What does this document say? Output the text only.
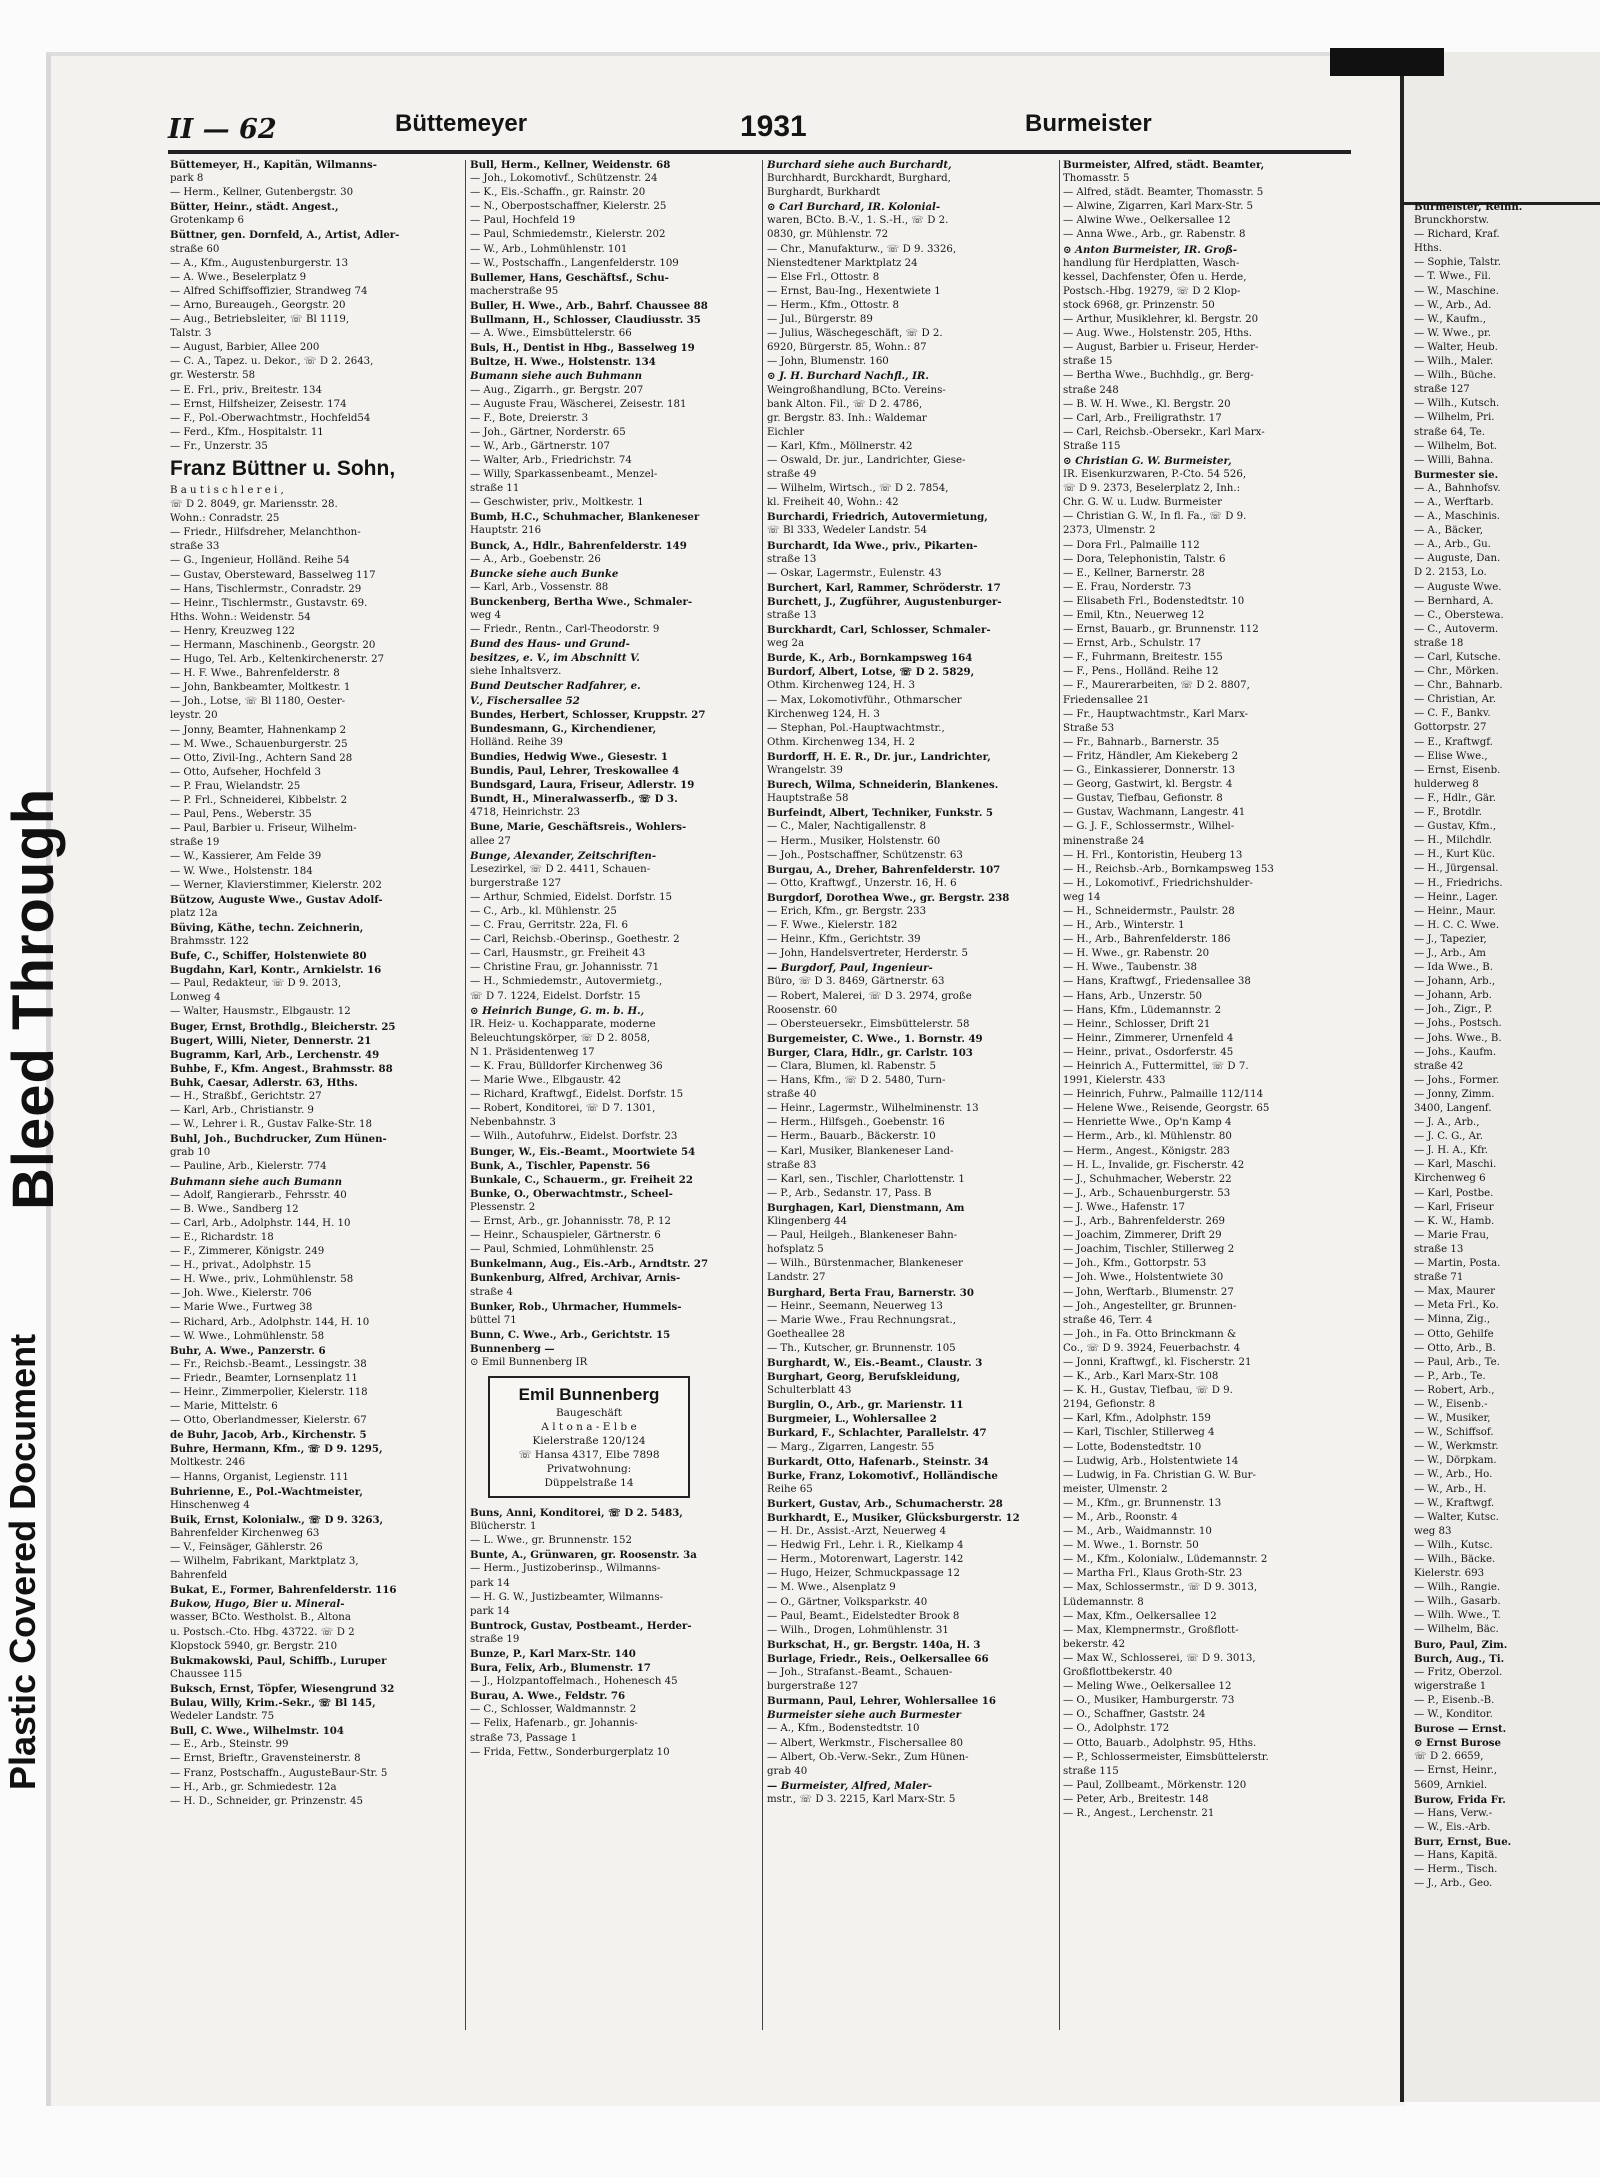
Burmeister, Reinh.
Brunckhorstw.
— Richard, Kraf.
Hths.
— Sophie, Talstr.
— T. Wwe., Fil.
— W., Maschine.
— W., Arb., Ad.
— W., Kaufm.,
— W. Wwe., pr.
— Walter, Heub.
— Wilh., Maler.
— Wilh., Büche.
straße 127
— Wilh., Kutsch.
— Wilhelm, Pri.
straße 64, Te.
— Wilhelm, Bot.
— Willi, Bahna.
Burmester sie.
— A., Bahnhofsv.
— A., Werftarb.
— A., Maschinis.
— A., Bäcker,
— A., Arb., Gu.
— Auguste, Dan.
D 2. 2153, Lo.
— Auguste Wwe.
— Bernhard, A.
— C., Oberstewa.
— C., Autoverm.
straße 18
— Carl, Kutsche.
— Chr., Mörken.
— Chr., Bahnarb.
— Christian, Ar.
— C. F., Bankv.
Gottorpstr. 27
— E., Kraftwgf.
— Elise Wwe.,
— Ernst, Eisenb.
hulderweg 8
— F., Hdlr., Gär.
— F., Brotdlr.
— Gustav, Kfm.,
— H., Milchdlr.
— H., Kurt Küc.
— H., Jürgensal.
— H., Friedrichs.
— Heinr., Lager.
— Heinr., Maur.
— H. C. C. Wwe.
— J., Tapezier,
— J., Arb., Am
— Ida Wwe., B.
— Johann, Arb.,
— Johann, Arb.
— Joh., Zigr., P.
— Johs., Postsch.
— Johs. Wwe., B.
— Johs., Kaufm.
straße 42
— Johs., Former.
— Jonny, Zimm.
3400, Langenf.
— J. A., Arb.,
— J. C. G., Ar.
— J. H. A., Kfr.
— Karl, Maschi.
Kirchenweg 6
— Karl, Postbe.
— Karl, Friseur
— K. W., Hamb.
— Marie Frau,
straße 13
— Martin, Posta.
straße 71
— Max, Maurer
— Meta Frl., Ko.
— Minna, Zig.,
— Otto, Gehilfe
— Otto, Arb., B.
— Paul, Arb., Te.
— P., Arb., Te.
— Robert, Arb.,
— W., Eisenb.-
— W., Musiker,
— W., Schiffsof.
— W., Werkmstr.
— W., Dörpkam.
— W., Arb., Ho.
— W., Arb., H.
— W., Kraftwgf.
— Walter, Kutsc.
weg 83
— Wilh., Kutsc.
— Wilh., Bäcke.
Kielerstr. 693
— Wilh., Rangie.
— Wilh., Gasarb.
— Wilh. Wwe., T.
— Wilhelm, Bäc.
Buro, Paul, Zim.
Burch, Aug., Ti.
— Fritz, Oberzol.
wigerstraße 1
— P., Eisenb.-B.
— W., Konditor.
Burose — Ernst.
⊙ Ernst Burose
☏ D 2. 6659,
— Ernst, Heinr.,
5609, Arnkiel.
Burow, Frida Fr.
— Hans, Verw.-
— W., Eis.-Arb.
Burr, Ernst, Bue.
— Hans, Kapitä.
— Herm., Tisch.
— J., Arb., Geo.
Plastic Covered Document
Bleed Through
II — 62	Büttemeyer	1931	Burmeister
Büttemeyer, H., Kapitän, Wilmanns-
park 8
— Herm., Kellner, Gutenbergstr. 30
Bütter, Heinr., städt. Angest.,
Grotenkamp 6
Büttner, gen. Dornfeld, A., Artist, Adler-
straße 60
— A., Kfm., Augustenburgerstr. 13
— A. Wwe., Beselerplatz 9
— Alfred Schiffsoffizier, Strandweg 74
— Arno, Bureaugeh., Georgstr. 20
— Aug., Betriebsleiter, ☏ Bl 1119,
Talstr. 3
— August, Barbier, Allee 200
— C. A., Tapez. u. Dekor., ☏ D 2. 2643,
gr. Westerstr. 58
— E. Frl., priv., Breitestr. 134
— Ernst, Hilfsheizer, Zeisestr. 174
— F., Pol.-Oberwachtmstr., Hochfeld54
— Ferd., Kfm., Hospitalstr. 11
— Fr., Unzerstr. 35
Franz Büttner u. Sohn,
B a u t i s c h l e r e i ,
☏ D 2. 8049, gr. Mariensstr. 28.
Wohn.: Conradstr. 25
— Friedr., Hilfsdreher, Melanchthon-
straße 33
— G., Ingenieur, Holländ. Reihe 54
— Gustav, Obersteward, Basselweg 117
— Hans, Tischlermstr., Conradstr. 29
— Heinr., Tischlermstr., Gustavstr. 69.
Hths. Wohn.: Weidenstr. 54
— Henry, Kreuzweg 122
— Hermann, Maschinenb., Georgstr. 20
— Hugo, Tel. Arb., Keltenkirchenerstr. 27
— H. F. Wwe., Bahrenfelderstr. 8
— John, Bankbeamter, Moltkestr. 1
— Joh., Lotse, ☏ Bl 1180, Oester-
leystr. 20
— Jonny, Beamter, Hahnenkamp 2
— M. Wwe., Schauenburgerstr. 25
— Otto, Zivil-Ing., Achtern Sand 28
— Otto, Aufseher, Hochfeld 3
— P. Frau, Wielandstr. 25
— P. Frl., Schneiderei, Kibbelstr. 2
— Paul, Pens., Weberstr. 35
— Paul, Barbier u. Friseur, Wilhelm-
straße 19
— W., Kassierer, Am Felde 39
— W. Wwe., Holstenstr. 184
— Werner, Klavierstimmer, Kielerstr. 202
Bützow, Auguste Wwe., Gustav Adolf-
platz 12a
Büving, Käthe, techn. Zeichnerin,
Brahmsstr. 122
Bufe, C., Schiffer, Holstenwiete 80
Bugdahn, Karl, Kontr., Arnkielstr. 16
— Paul, Redakteur, ☏ D 9. 2013,
Lonweg 4
— Walter, Hausmstr., Elbgaustr. 12
Buger, Ernst, Brothdlg., Bleicherstr. 25
Bugert, Willi, Nieter, Dennerstr. 21
Bugramm, Karl, Arb., Lerchenstr. 49
Buhbe, F., Kfm. Angest., Brahmsstr. 88
Buhk, Caesar, Adlerstr. 63, Hths.
— H., Straßbf., Gerichtstr. 27
— Karl, Arb., Christianstr. 9
— W., Lehrer i. R., Gustav Falke-Str. 18
Buhl, Joh., Buchdrucker, Zum Hünen-
grab 10
— Pauline, Arb., Kielerstr. 774
Buhmann siehe auch Bumann
— Adolf, Rangierarb., Fehrsstr. 40
— B. Wwe., Sandberg 12
— Carl, Arb., Adolphstr. 144, H. 10
— E., Richardstr. 18
— F., Zimmerer, Königstr. 249
— H., privat., Adolphstr. 15
— H. Wwe., priv., Lohmühlenstr. 58
— Joh. Wwe., Kielerstr. 706
— Marie Wwe., Furtweg 38
— Richard, Arb., Adolphstr. 144, H. 10
— W. Wwe., Lohmühlenstr. 58
Buhr, A. Wwe., Panzerstr. 6
— Fr., Reichsb.-Beamt., Lessingstr. 38
— Friedr., Beamter, Lornsenplatz 11
— Heinr., Zimmerpolier, Kielerstr. 118
— Marie, Mittelstr. 6
— Otto, Oberlandmesser, Kielerstr. 67
de Buhr, Jacob, Arb., Kirchenstr. 5
Buhre, Hermann, Kfm., ☏ D 9. 1295,
Moltkestr. 246
— Hanns, Organist, Legienstr. 111
Buhrienne, E., Pol.-Wachtmeister,
Hinschenweg 4
Buik, Ernst, Kolonialw., ☏ D 9. 3263,
Bahrenfelder Kirchenweg 63
— V., Feinsäger, Gählerstr. 26
— Wilhelm, Fabrikant, Marktplatz 3,
Bahrenfeld
Bukat, E., Former, Bahrenfelderstr. 116
Bukow, Hugo, Bier u. Mineral-
wasser, BCto. Westholst. B., Altona
u. Postsch.-Cto. Hbg. 43722. ☏ D 2
Klopstock 5940, gr. Bergstr. 210
Bukmakowski, Paul, Schiffb., Luruper
Chaussee 115
Buksch, Ernst, Töpfer, Wiesengrund 32
Bulau, Willy, Krim.-Sekr., ☏ Bl 145,
Wedeler Landstr. 75
Bull, C. Wwe., Wilhelmstr. 104
— E., Arb., Steinstr. 99
— Ernst, Brieftr., Gravensteinerstr. 8
— Franz, Postschaffn., AugusteBaur-Str. 5
— H., Arb., gr. Schmiedestr. 12a
— H. D., Schneider, gr. Prinzenstr. 45
Bull, Herm., Kellner, Weidenstr. 68
— Joh., Lokomotivf., Schützenstr. 24
— K., Eis.-Schaffn., gr. Rainstr. 20
— N., Oberpostschaffner, Kielerstr. 25
— Paul, Hochfeld 19
— Paul, Schmiedemstr., Kielerstr. 202
— W., Arb., Lohmühlenstr. 101
— W., Postschaffn., Langenfelderstr. 109
Bullemer, Hans, Geschäftsf., Schu-
macherstraße 95
Buller, H. Wwe., Arb., Bahrf. Chaussee 88
Bullmann, H., Schlosser, Claudiusstr. 35
— A. Wwe., Eimsbüttelerstr. 66
Buls, H., Dentist in Hbg., Basselweg 19
Bultze, H. Wwe., Holstenstr. 134
Bumann siehe auch Buhmann
— Aug., Zigarrh., gr. Bergstr. 207
— Auguste Frau, Wäscherei, Zeisestr. 181
— F., Bote, Dreierstr. 3
— Joh., Gärtner, Norderstr. 65
— W., Arb., Gärtnerstr. 107
— Walter, Arb., Friedrichstr. 74
— Willy, Sparkassenbeamt., Menzel-
straße 11
— Geschwister, priv., Moltkestr. 1
Bumb, H.C., Schuhmacher, Blankeneser
Hauptstr. 216
Bunck, A., Hdlr., Bahrenfelderstr. 149
— A., Arb., Goebenstr. 26
Buncke siehe auch Bunke
— Karl, Arb., Vossenstr. 88
Bunckenberg, Bertha Wwe., Schmaler-
weg 4
— Friedr., Rentn., Carl-Theodorstr. 9
Bund des Haus- und Grund-
besitzes, e. V., im Abschnitt V.
siehe Inhaltsverz.
Bund Deutscher Radfahrer, e.
V., Fischersallee 52
Bundes, Herbert, Schlosser, Kruppstr. 27
Bundesmann, G., Kirchendiener,
Holländ. Reihe 39
Bundies, Hedwig Wwe., Giesestr. 1
Bundis, Paul, Lehrer, Treskowallee 4
Bundsgard, Laura, Friseur, Adlerstr. 19
Bundt, H., Mineralwasserfb., ☏ D 3.
4718, Heinrichstr. 23
Bune, Marie, Geschäftsreis., Wohlers-
allee 27
Bunge, Alexander, Zeitschriften-
Lesezirkel, ☏ D 2. 4411, Schauen-
burgerstraße 127
— Arthur, Schmied, Eidelst. Dorfstr. 15
— C., Arb., kl. Mühlenstr. 25
— C. Frau, Gerritstr. 22a, Fl. 6
— Carl, Reichsb.-Oberinsp., Goethestr. 2
— Carl, Hausmstr., gr. Freiheit 43
— Christine Frau, gr. Johannisstr. 71
— H., Schmiedemstr., Autovermietg.,
☏ D 7. 1224, Eidelst. Dorfstr. 15
⊙ Heinrich Bunge, G. m. b. H.,
IR. Heiz- u. Kochapparate, moderne
Beleuchtungskörper, ☏ D 2. 8058,
N 1. Präsidentenweg 17
— K. Frau, Bülldorfer Kirchenweg 36
— Marie Wwe., Elbgaustr. 42
— Richard, Kraftwgf., Eidelst. Dorfstr. 15
— Robert, Konditorei, ☏ D 7. 1301,
Nebenbahnstr. 3
— Wilh., Autofuhrw., Eidelst. Dorfstr. 23
Bunger, W., Eis.-Beamt., Moortwiete 54
Bunk, A., Tischler, Papenstr. 56
Bunkale, C., Schauerm., gr. Freiheit 22
Bunke, O., Oberwachtmstr., Scheel-
Plessenstr. 2
— Ernst, Arb., gr. Johannisstr. 78, P. 12
— Heinr., Schauspieler, Gärtnerstr. 6
— Paul, Schmied, Lohmühlenstr. 25
Bunkelmann, Aug., Eis.-Arb., Arndtstr. 27
Bunkenburg, Alfred, Archivar, Arnis-
straße 4
Bunker, Rob., Uhrmacher, Hummels-
büttel 71
Bunn, C. Wwe., Arb., Gerichtstr. 15
Bunnenberg —
⊙ Emil Bunnenberg IR
Emil Bunnenberg
Baugeschäft
A l t o n a - E l b e
Kielerstraße 120/124
☏ Hansa 4317, Elbe 7898
Privatwohnung:
Düppelstraße 14
Buns, Anni, Konditorei, ☏ D 2. 5483,
Blücherstr. 1
— L. Wwe., gr. Brunnenstr. 152
Bunte, A., Grünwaren, gr. Roosenstr. 3a
— Herm., Justizoberinsp., Wilmanns-
park 14
— H. G. W., Justizbeamter, Wilmanns-
park 14
Buntrock, Gustav, Postbeamt., Herder-
straße 19
Bunze, P., Karl Marx-Str. 140
Bura, Felix, Arb., Blumenstr. 17
— J., Holzpantoffelmach., Hohenesch 45
Burau, A. Wwe., Feldstr. 76
— C., Schlosser, Waldmannstr. 2
— Felix, Hafenarb., gr. Johannis-
straße 73, Passage 1
— Frida, Fettw., Sonderburgerplatz 10
Burchard siehe auch Burchardt,
Burchhardt, Burckhardt, Burghard,
Burghardt, Burkhardt
⊙ Carl Burchard, IR. Kolonial-
waren, BCto. B.-V., 1. S.-H., ☏ D 2.
0830, gr. Mühlenstr. 72
— Chr., Manufakturw., ☏ D 9. 3326,
Nienstedtener Marktplatz 24
— Else Frl., Ottostr. 8
— Ernst, Bau-Ing., Hexentwiete 1
— Herm., Kfm., Ottostr. 8
— Jul., Bürgerstr. 89
— Julius, Wäschegeschäft, ☏ D 2.
6920, Bürgerstr. 85, Wohn.: 87
— John, Blumenstr. 160
⊙ J. H. Burchard Nachfl., IR.
Weingroßhandlung, BCto. Vereins-
bank Alton. Fil., ☏ D 2. 4786,
gr. Bergstr. 83. Inh.: Waldemar
Eichler
— Karl, Kfm., Möllnerstr. 42
— Oswald, Dr. jur., Landrichter, Giese-
straße 49
— Wilhelm, Wirtsch., ☏ D 2. 7854,
kl. Freiheit 40, Wohn.: 42
Burchardi, Friedrich, Autovermietung,
☏ Bl 333, Wedeler Landstr. 54
Burchardt, Ida Wwe., priv., Pikarten-
straße 13
— Oskar, Lagermstr., Eulenstr. 43
Burchert, Karl, Rammer, Schröderstr. 17
Burchett, J., Zugführer, Augustenburger-
straße 13
Burckhardt, Carl, Schlosser, Schmaler-
weg 2a
Burde, K., Arb., Bornkampsweg 164
Burdorf, Albert, Lotse, ☏ D 2. 5829,
Othm. Kirchenweg 124, H. 3
— Max, Lokomotivführ., Othmarscher
Kirchenweg 124, H. 3
— Stephan, Pol.-Hauptwachtmstr.,
Othm. Kirchenweg 134, H. 2
Burdorff, H. E. R., Dr. jur., Landrichter,
Wrangelstr. 39
Burech, Wilma, Schneiderin, Blankenes.
Hauptstraße 58
Burfeindt, Albert, Techniker, Funkstr. 5
— C., Maler, Nachtigallenstr. 8
— Herm., Musiker, Holstenstr. 60
— Joh., Postschaffner, Schützenstr. 63
Burgau, A., Dreher, Bahrenfelderstr. 107
— Otto, Kraftwgf., Unzerstr. 16, H. 6
Burgdorf, Dorothea Wwe., gr. Bergstr. 238
— Erich, Kfm., gr. Bergstr. 233
— F. Wwe., Kielerstr. 182
— Heinr., Kfm., Gerichtstr. 39
— John, Handelsvertreter, Herderstr. 5
— Burgdorf, Paul, Ingenieur-
Büro, ☏ D 3. 8469, Gärtnerstr. 63
— Robert, Malerei, ☏ D 3. 2974, große
Roosenstr. 60
— Obersteuersekr., Eimsbüttelerstr. 58
Burgemeister, C. Wwe., 1. Bornstr. 49
Burger, Clara, Hdlr., gr. Carlstr. 103
— Clara, Blumen, kl. Rabenstr. 5
— Hans, Kfm., ☏ D 2. 5480, Turn-
straße 40
— Heinr., Lagermstr., Wilhelminenstr. 13
— Herm., Hilfsgeh., Goebenstr. 16
— Herm., Bauarb., Bäckerstr. 10
— Karl, Musiker, Blankeneser Land-
straße 83
— Karl, sen., Tischler, Charlottenstr. 1
— P., Arb., Sedanstr. 17, Pass. B
Burghagen, Karl, Dienstmann, Am
Klingenberg 44
— Paul, Heilgeh., Blankeneser Bahn-
hofsplatz 5
— Wilh., Bürstenmacher, Blankeneser
Landstr. 27
Burghard, Berta Frau, Barnerstr. 30
— Heinr., Seemann, Neuerweg 13
— Marie Wwe., Frau Rechnungsrat.,
Goetheallee 28
— Th., Kutscher, gr. Brunnenstr. 105
Burghardt, W., Eis.-Beamt., Claustr. 3
Burghart, Georg, Berufskleidung,
Schulterblatt 43
Burglin, O., Arb., gr. Marienstr. 11
Burgmeier, L., Wohlersallee 2
Burkard, F., Schlachter, Parallelstr. 47
— Marg., Zigarren, Langestr. 55
Burkardt, Otto, Hafenarb., Steinstr. 34
Burke, Franz, Lokomotivf., Holländische
Reihe 65
Burkert, Gustav, Arb., Schumacherstr. 28
Burkhardt, E., Musiker, Glücksburgerstr. 12
— H. Dr., Assist.-Arzt, Neuerweg 4
— Hedwig Frl., Lehr. i. R., Kielkamp 4
— Herm., Motorenwart, Lagerstr. 142
— Hugo, Heizer, Schmuckpassage 12
— M. Wwe., Alsenplatz 9
— O., Gärtner, Volksparkstr. 40
— Paul, Beamt., Eidelstedter Brook 8
— Wilh., Drogen, Lohmühlenstr. 31
Burkschat, H., gr. Bergstr. 140a, H. 3
Burlage, Friedr., Reis., Oelkersallee 66
— Joh., Strafanst.-Beamt., Schauen-
burgerstraße 127
Burmann, Paul, Lehrer, Wohlersallee 16
Burmeister siehe auch Burmester
— A., Kfm., Bodenstedtstr. 10
— Albert, Werkmstr., Fischersallee 80
— Albert, Ob.-Verw.-Sekr., Zum Hünen-
grab 40
— Burmeister, Alfred, Maler-
mstr., ☏ D 3. 2215, Karl Marx-Str. 5
Burmeister, Alfred, städt. Beamter,
Thomasstr. 5
— Alfred, städt. Beamter, Thomasstr. 5
— Alwine, Zigarren, Karl Marx-Str. 5
— Alwine Wwe., Oelkersallee 12
— Anna Wwe., Arb., gr. Rabenstr. 8
⊙ Anton Burmeister, IR. Groß-
handlung für Herdplatten, Wasch-
kessel, Dachfenster, Öfen u. Herde,
Postsch.-Hbg. 19279, ☏ D 2 Klop-
stock 6968, gr. Prinzenstr. 50
— Arthur, Musiklehrer, kl. Bergstr. 20
— Aug. Wwe., Holstenstr. 205, Hths.
— August, Barbier u. Friseur, Herder-
straße 15
— Bertha Wwe., Buchhdlg., gr. Berg-
straße 248
— B. W. H. Wwe., Kl. Bergstr. 20
— Carl, Arb., Freiligrathstr. 17
— Carl, Reichsb.-Obersekr., Karl Marx-
Straße 115
⊙ Christian G. W. Burmeister,
IR. Eisenkurzwaren, P.-Cto. 54 526,
☏ D 9. 2373, Beselerplatz 2, Inh.:
Chr. G. W. u. Ludw. Burmeister
— Christian G. W., In fl. Fa., ☏ D 9.
2373, Ulmenstr. 2
— Dora Frl., Palmaille 112
— Dora, Telephonistin, Talstr. 6
— E., Kellner, Barnerstr. 28
— E. Frau, Norderstr. 73
— Elisabeth Frl., Bodenstedtstr. 10
— Emil, Ktn., Neuerweg 12
— Ernst, Bauarb., gr. Brunnenstr. 112
— Ernst, Arb., Schulstr. 17
— F., Fuhrmann, Breitestr. 155
— F., Pens., Holländ. Reihe 12
— F., Maurerarbeiten, ☏ D 2. 8807,
Friedensallee 21
— Fr., Hauptwachtmstr., Karl Marx-
Straße 53
— Fr., Bahnarb., Barnerstr. 35
— Fritz, Händler, Am Kiekeberg 2
— G., Einkassierer, Donnerstr. 13
— Georg, Gastwirt, kl. Bergstr. 4
— Gustav, Tiefbau, Gefionstr. 8
— Gustav, Wachmann, Langestr. 41
— G. J. F., Schlossermstr., Wilhel-
minenstraße 24
— H. Frl., Kontoristin, Heuberg 13
— H., Reichsb.-Arb., Bornkampsweg 153
— H., Lokomotivf., Friedrichshulder-
weg 14
— H., Schneidermstr., Paulstr. 28
— H., Arb., Winterstr. 1
— H., Arb., Bahrenfelderstr. 186
— H. Wwe., gr. Rabenstr. 20
— H. Wwe., Taubenstr. 38
— Hans, Kraftwgf., Friedensallee 38
— Hans, Arb., Unzerstr. 50
— Hans, Kfm., Lüdemannstr. 2
— Heinr., Schlosser, Drift 21
— Heinr., Zimmerer, Urnenfeld 4
— Heinr., privat., Osdorferstr. 45
— Heinrich A., Futtermittel, ☏ D 7.
1991, Kielerstr. 433
— Heinrich, Fuhrw., Palmaille 112/114
— Helene Wwe., Reisende, Georgstr. 65
— Henriette Wwe., Op'n Kamp 4
— Herm., Arb., kl. Mühlenstr. 80
— Herm., Angest., Königstr. 283
— H. L., Invalide, gr. Fischerstr. 42
— J., Schuhmacher, Weberstr. 22
— J., Arb., Schauenburgerstr. 53
— J. Wwe., Hafenstr. 17
— J., Arb., Bahrenfelderstr. 269
— Joachim, Zimmerer, Drift 29
— Joachim, Tischler, Stillerweg 2
— Joh., Kfm., Gottorpstr. 53
— Joh. Wwe., Holstentwiete 30
— John, Werftarb., Blumenstr. 27
— Joh., Angestellter, gr. Brunnen-
straße 46, Terr. 4
— Joh., in Fa. Otto Brinckmann &
Co., ☏ D 9. 3924, Feuerbachstr. 4
— Jonni, Kraftwgf., kl. Fischerstr. 21
— K., Arb., Karl Marx-Str. 108
— K. H., Gustav, Tiefbau, ☏ D 9.
2194, Gefionstr. 8
— Karl, Kfm., Adolphstr. 159
— Karl, Tischler, Stillerweg 4
— Lotte, Bodenstedtstr. 10
— Ludwig, Arb., Holstentwiete 14
— Ludwig, in Fa. Christian G. W. Bur-
meister, Ulmenstr. 2
— M., Kfm., gr. Brunnenstr. 13
— M., Arb., Roonstr. 4
— M., Arb., Waidmannstr. 10
— M. Wwe., 1. Bornstr. 50
— M., Kfm., Kolonialw., Lüdemannstr. 2
— Martha Frl., Klaus Groth-Str. 23
— Max, Schlossermstr., ☏ D 9. 3013,
Lüdemannstr. 8
— Max, Kfm., Oelkersallee 12
— Max, Klempnermstr., Großflott-
bekerstr. 42
— Max W., Schlosserei, ☏ D 9. 3013,
Großflottbekerstr. 40
— Meling Wwe., Oelkersallee 12
— O., Musiker, Hamburgerstr. 73
— O., Schaffner, Gaststr. 24
— O., Adolphstr. 172
— Otto, Bauarb., Adolphstr. 95, Hths.
— P., Schlossermeister, Eimsbüttelerstr.
straße 115
— Paul, Zollbeamt., Mörkenstr. 120
— Peter, Arb., Breitestr. 148
— R., Angest., Lerchenstr. 21
